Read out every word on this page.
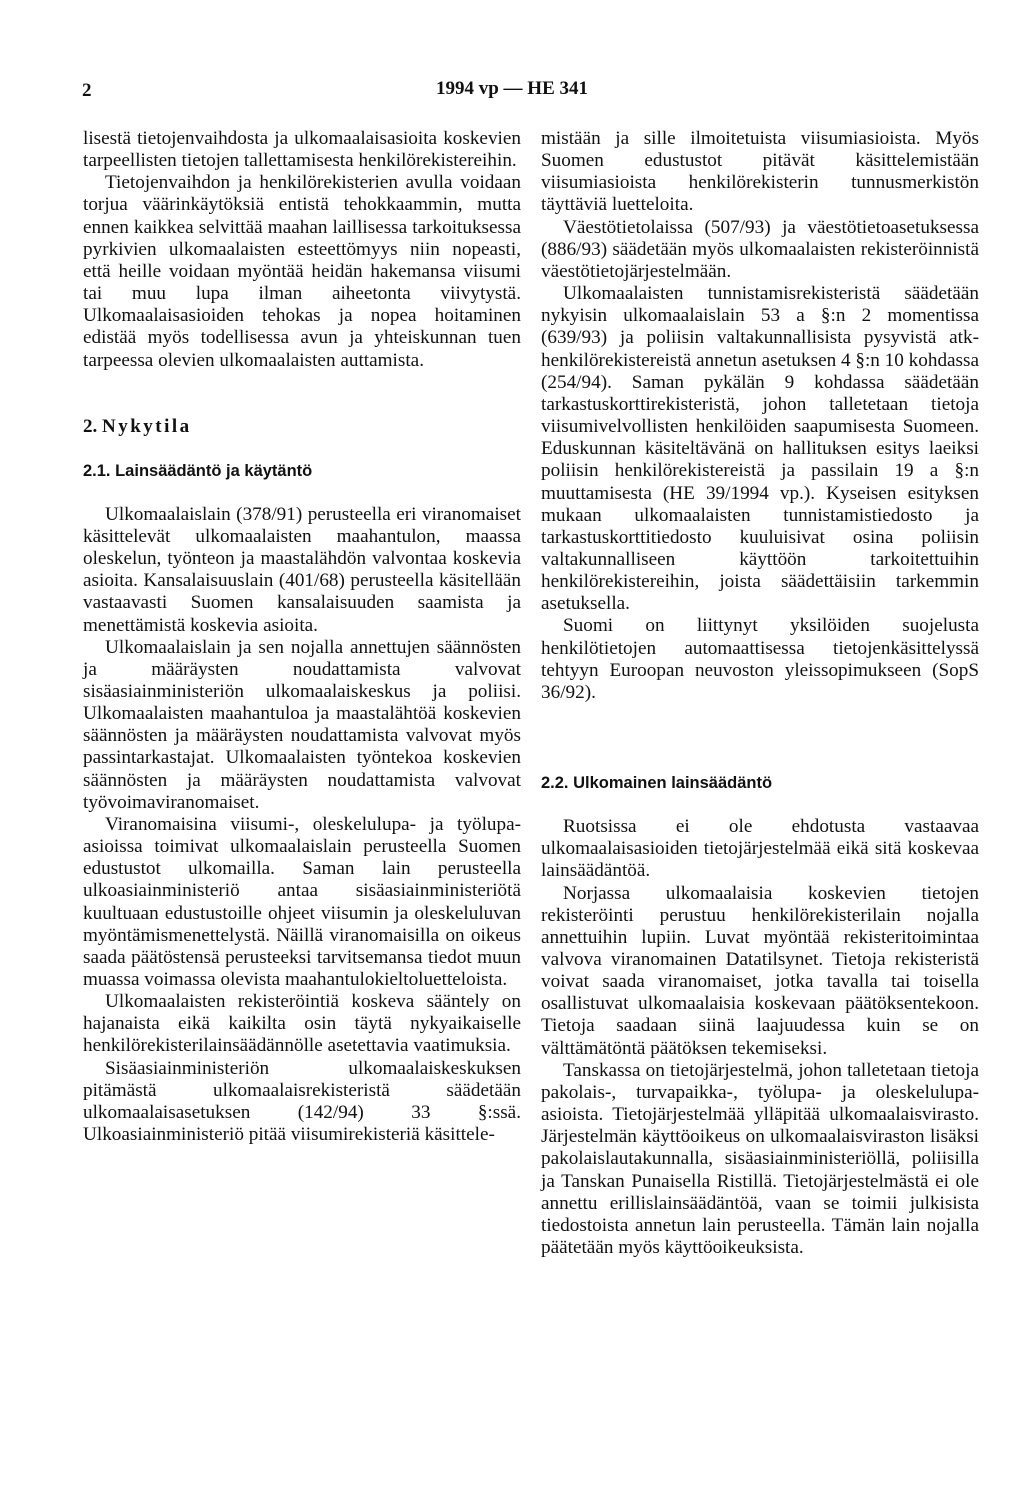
2	1994 vp — HE 341

lisestä tietojenvaihdosta ja ulkomaalaisasioita koskevien tarpeellisten tietojen tallettamisesta henkilörekistereihin.

Tietojenvaihdon ja henkilörekisterien avulla voidaan torjua väärinkäytöksiä entistä tehokkaammin, mutta ennen kaikkea selvittää maahan laillisessa tarkoituksessa pyrkivien ulkomaalaisten esteettömyys niin nopeasti, että heille voidaan myöntää heidän hakemansa viisumi tai muu lupa ilman aiheetonta viivytystä. Ulkomaalaisasioiden tehokas ja nopea hoitaminen edistää myös todellisessa avun ja yhteiskunnan tuen tarpeessa olevien ulkomaalaisten auttamista.

2. Nykytila
2.1. Lainsäädäntö ja käytäntö

Ulkomaalaislain (378/91) perusteella eri viranomaiset käsittelevät ulkomaalaisten maahantulon, maassa oleskelun, työnteon ja maastalähdön valvontaa koskevia asioita. Kansalaisuuslain (401/68) perusteella käsitellään vastaavasti Suomen kansalaisuuden saamista ja menettämistä koskevia asioita.

Ulkomaalaislain ja sen nojalla annettujen säännösten ja määräysten noudattamista valvovat sisäasiainministeriön ulkomaalaiskeskus ja poliisi. Ulkomaalaisten maahantuloa ja maastalähtöä koskevien säännösten ja määräysten noudattamista valvovat myös passintarkastajat. Ulkomaalaisten työntekoa koskevien säännösten ja määräysten noudattamista valvovat työvoimaviranomaiset.

Viranomaisina viisumi-, oleskelulupa- ja työlupa-asioissa toimivat ulkomaalaislain perusteella Suomen edustustot ulkomailla. Saman lain perusteella ulkoasiainministeriö antaa sisäasiainministeriötä kuultuaan edustustoille ohjeet viisumin ja oleskeluluvan myöntämismenettelystä. Näillä viranomaisilla on oikeus saada päätöstensä perusteeksi tarvitsemansa tiedot muun muassa voimassa olevista maahantulokieltoluetteloista.

Ulkomaalaisten rekisteröintiä koskeva sääntely on hajanaista eikä kaikilta osin täytä nykyaikaiselle henkilörekisterilainsäädännölle asetettavia vaatimuksia.

Sisäasiainministeriön ulkomaalaiskeskuksen pitämästä ulkomaalaisrekisteristä säädetään ulkomaalaisasetuksen (142/94) 33 §:ssä. Ulkoasiainministeriö pitää viisumirekisteriä käsittele-

mistään ja sille ilmoitetuista viisumiasioista. Myös Suomen edustustot pitävät käsittelemistään viisumiasioista henkilörekisterin tunnusmerkistön täyttäviä luetteloita.

Väestötietolaissa (507/93) ja väestötietoasetuksessa (886/93) säädetään myös ulkomaalaisten rekisteröinnistä väestötietojärjestelmään.

Ulkomaalaisten tunnistamisrekisteristä säädetään nykyisin ulkomaalaislain 53 a §:n 2 momentissa (639/93) ja poliisin valtakunnallisista pysyvistä atk-henkilörekistereistä annetun asetuksen 4 §:n 10 kohdassa (254/94). Saman pykälän 9 kohdassa säädetään tarkastuskorttirekisteristä, johon talletetaan tietoja viisumivelvollisten henkilöiden saapumisesta Suomeen. Eduskunnan käsiteltävänä on hallituksen esitys laeiksi poliisin henkilörekistereistä ja passilain 19 a §:n muuttamisesta (HE 39/1994 vp.). Kyseisen esityksen mukaan ulkomaalaisten tunnistamistiedosto ja tarkastuskorttitiedosto kuuluisivat osina poliisin valtakunnalliseen käyttöön tarkoitettuihin henkilörekistereihin, joista säädettäisiin tarkemmin asetuksella.

Suomi on liittynyt yksilöiden suojelusta henkilötietojen automaattisessa tietojenkäsittelyssä tehtyyn Euroopan neuvoston yleissopimukseen (SopS 36/92).

2.2. Ulkomainen lainsäädäntö

Ruotsissa ei ole ehdotusta vastaavaa ulkomaalaisasioiden tietojärjestelmää eikä sitä koskevaa lainsäädäntöä.

Norjassa ulkomaalaisia koskevien tietojen rekisteröinti perustuu henkilörekisterilain nojalla annettuihin lupiin. Luvat myöntää rekisteritoimintaa valvova viranomainen Datatilsynet. Tietoja rekisteristä voivat saada viranomaiset, jotka tavalla tai toisella osallistuvat ulkomaalaisia koskevaan päätöksentekoon. Tietoja saadaan siinä laajuudessa kuin se on välttämätöntä päätöksen tekemiseksi.

Tanskassa on tietojärjestelmä, johon talletetaan tietoja pakolais-, turvapaikka-, työlupa- ja oleskelulupa-asioista. Tietojärjestelmää ylläpitää ulkomaalaisvirasto. Järjestelmän käyttöoikeus on ulkomaalaisviraston lisäksi pakolaislautakunnalla, sisäasiainministeriöllä, poliisilla ja Tanskan Punaisella Ristillä. Tietojärjestelmästä ei ole annettu erillislainsäädäntöä, vaan se toimii julkisista tiedostoista annetun lain perusteella. Tämän lain nojalla päätetään myös käyttöoikeuksista.
